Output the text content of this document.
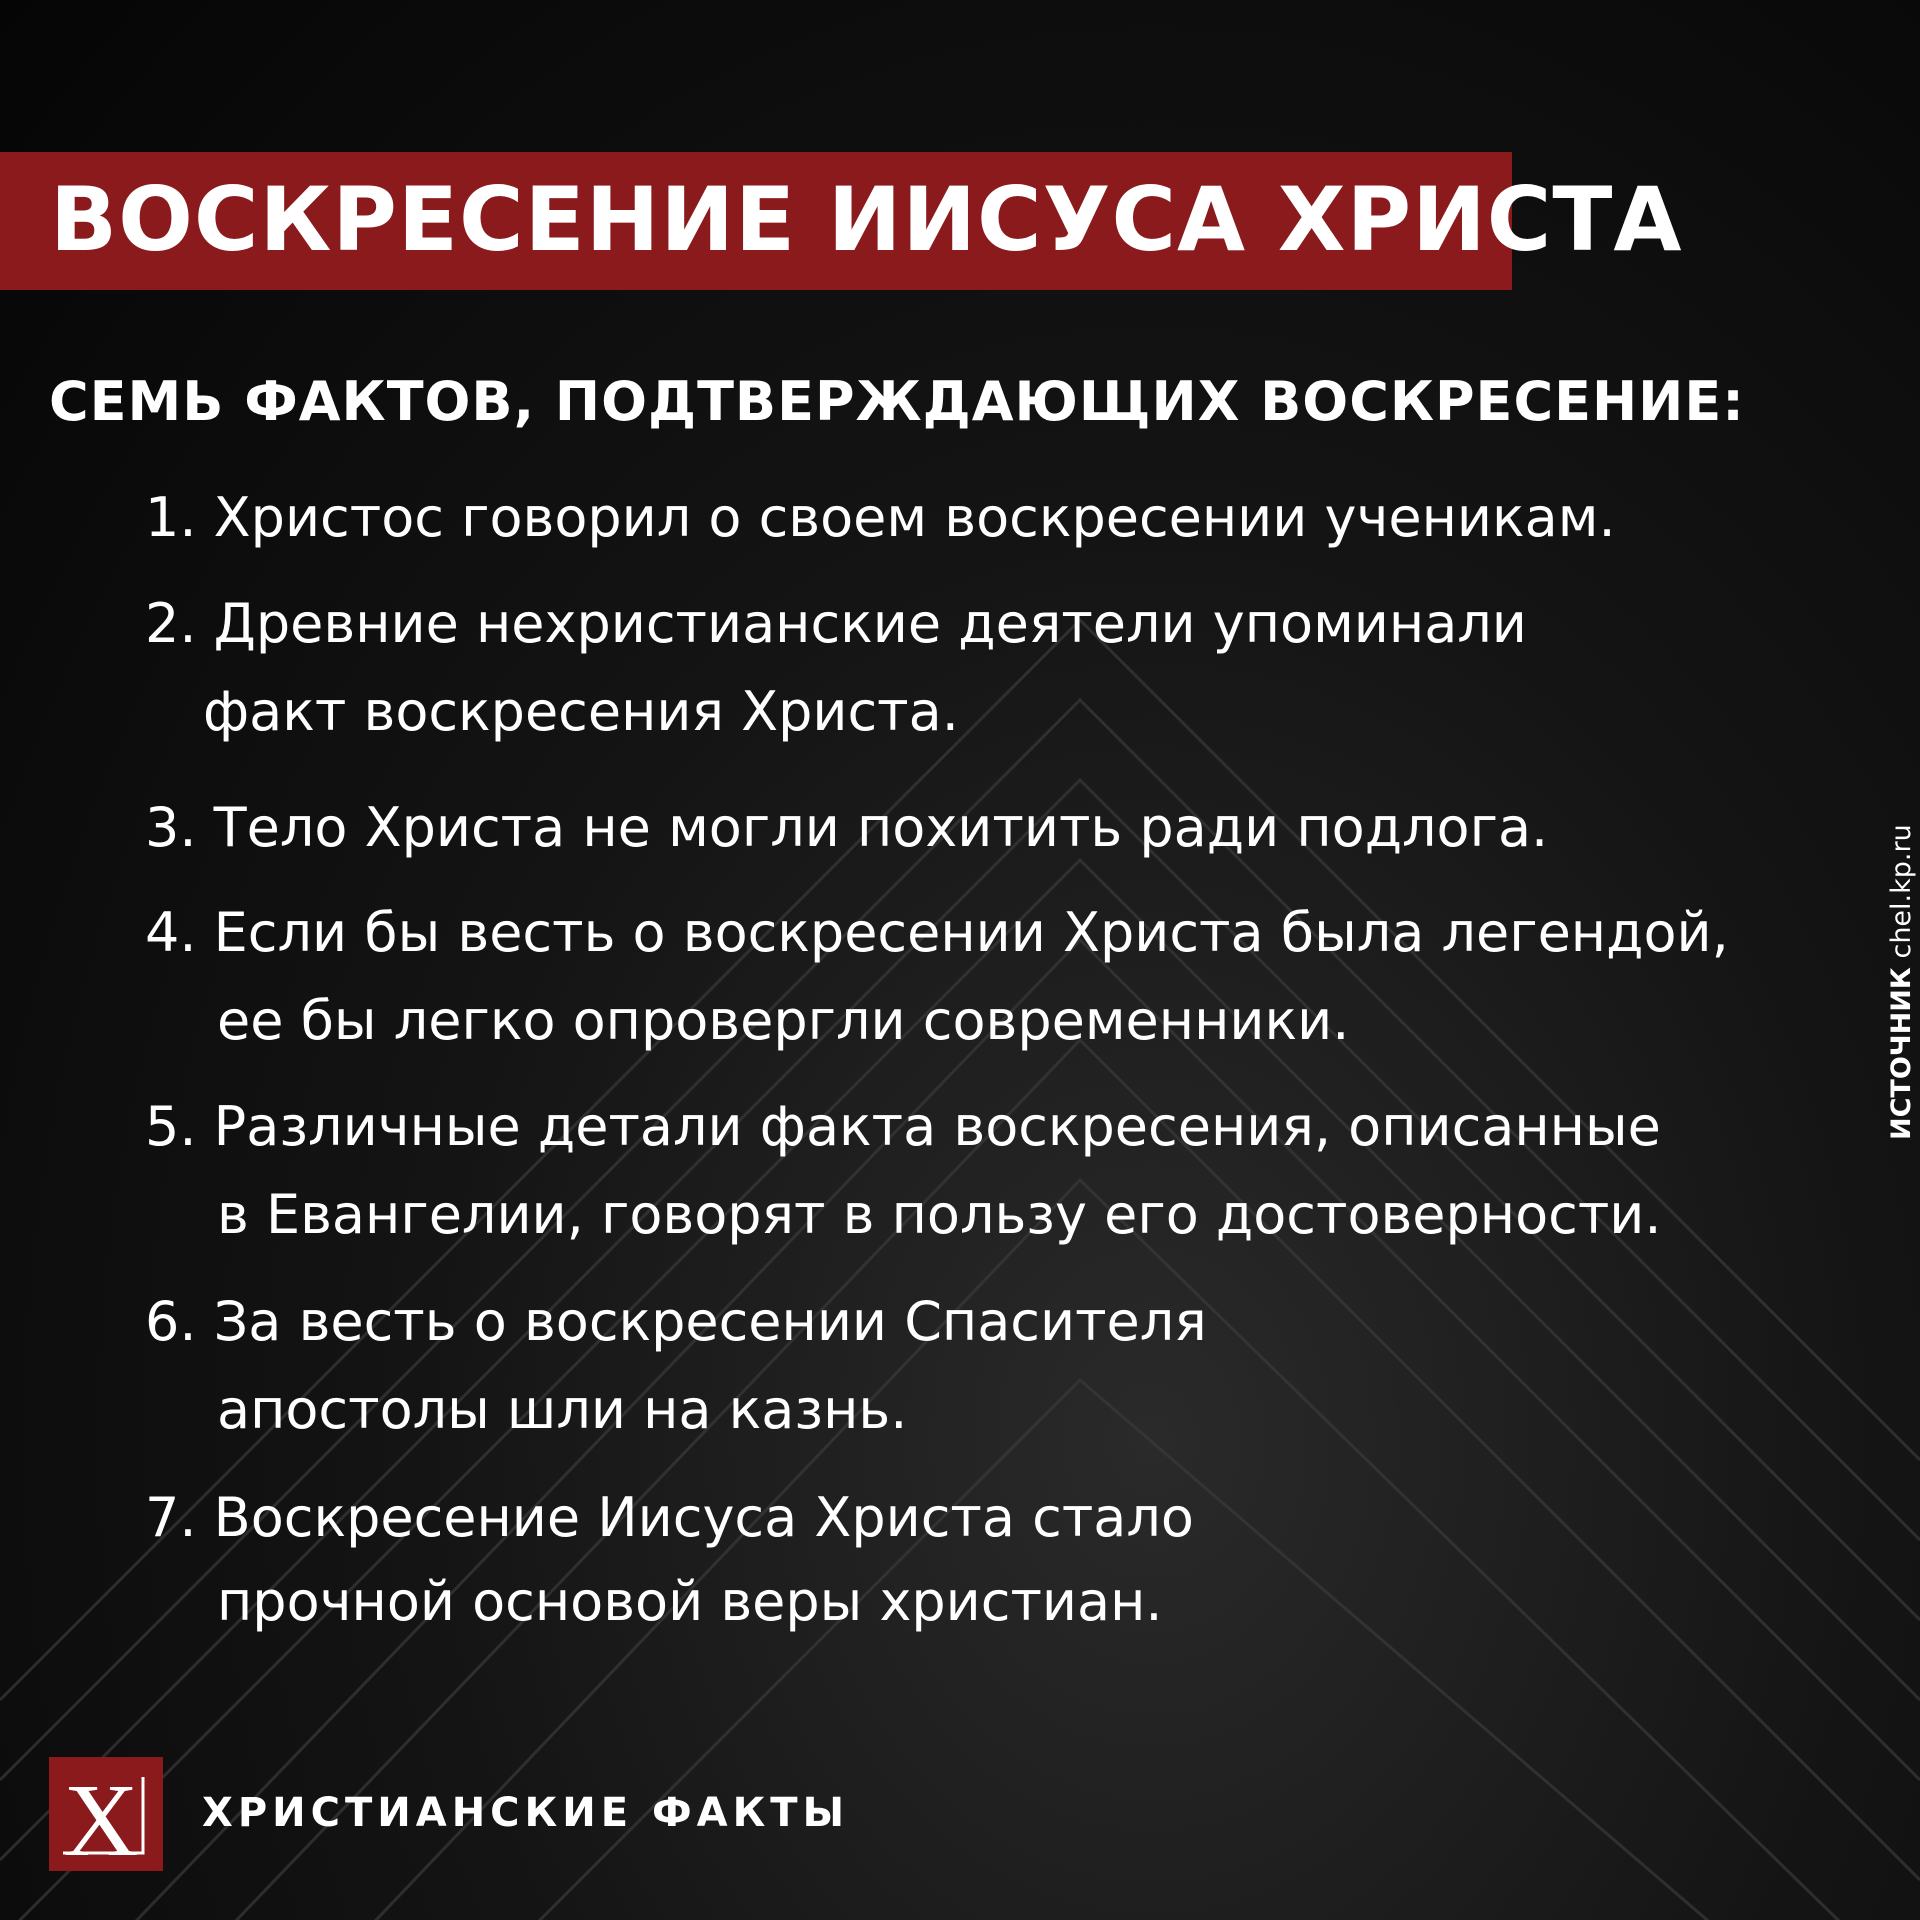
ВОСКРЕСЕНИЕ ИИСУСА ХРИСТА
СЕМЬ ФАКТОВ, ПОДТВЕРЖДАЮЩИХ ВОСКРЕСЕНИЕ:
1. Христос говорил о своем воскресении ученикам.
2. Древние нехристианские деятели упоминали
факт воскресения Христа.
3. Тело Христа не могли похитить ради подлога.
4. Если бы весть о воскресении Христа была легендой,
ее бы легко опровергли современники.
5. Различные детали факта воскресения, описанные
в Евангелии, говорят в пользу его достоверности.
6. За весть о воскресении Спасителя
апостолы шли на казнь.
7. Воскресение Иисуса Христа стало
прочной основой веры христиан.
X ХРИСТИАНСКИЕ ФАКТЫ
ИСТОЧНИК chel.kp.ru
